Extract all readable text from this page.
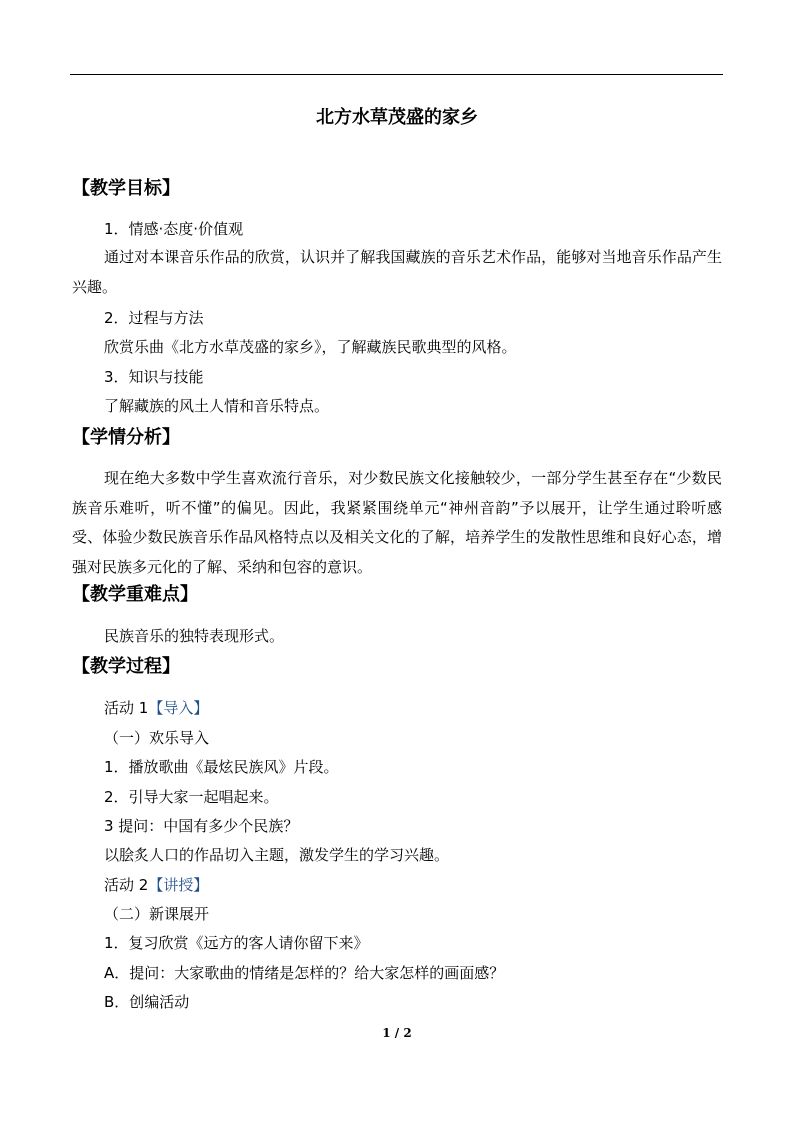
北方水草茂盛的家乡
【教学目标】
1．情感·态度·价值观
通过对本课音乐作品的欣赏，认识并了解我国藏族的音乐艺术作品，能够对当地音乐作品产生兴趣。
2．过程与方法
欣赏乐曲《北方水草茂盛的家乡》，了解藏族民歌典型的风格。
3．知识与技能
了解藏族的风土人情和音乐特点。
【学情分析】
现在绝大多数中学生喜欢流行音乐，对少数民族文化接触较少，一部分学生甚至存在“少数民族音乐难听，听不懂”的偏见。因此，我紧紧围绕单元“神州音韵”予以展开，让学生通过聆听感受、体验少数民族音乐作品风格特点以及相关文化的了解，培养学生的发散性思维和良好心态，增强对民族多元化的了解、采纳和包容的意识。
【教学重难点】
民族音乐的独特表现形式。
【教学过程】
活动 1【导入】
（一）欢乐导入
1．播放歌曲《最炫民族风》片段。
2．引导大家一起唱起来。
3 提问：中国有多少个民族？
以脍炙人口的作品切入主题，激发学生的学习兴趣。
活动 2【讲授】
（二）新课展开
1．复习欣赏《远方的客人请你留下来》
A．提问：大家歌曲的情绪是怎样的？给大家怎样的画面感？
B．创编活动
1 / 2
